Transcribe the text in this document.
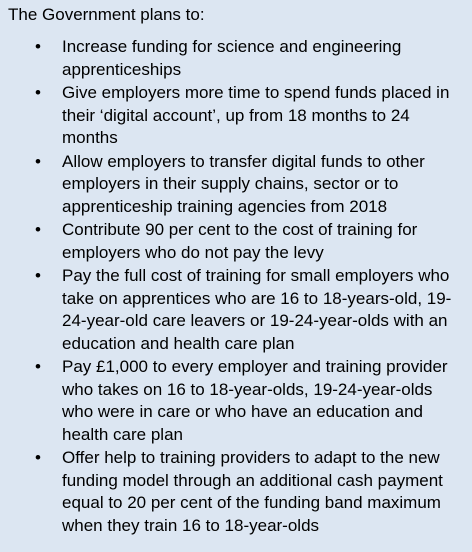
The Government plans to:

• Increase funding for science and engineering apprenticeships
• Give employers more time to spend funds placed in their ‘digital account’, up from 18 months to 24 months
• Allow employers to transfer digital funds to other employers in their supply chains, sector or to apprenticeship training agencies from 2018
• Contribute 90 per cent to the cost of training for employers who do not pay the levy
• Pay the full cost of training for small employers who take on apprentices who are 16 to 18-years-old, 19-24-year-old care leavers or 19-24-year-olds with an education and health care plan
• Pay £1,000 to every employer and training provider who takes on 16 to 18-year-olds, 19-24-year-olds who were in care or who have an education and health care plan
• Offer help to training providers to adapt to the new funding model through an additional cash payment equal to 20 per cent of the funding band maximum when they train 16 to 18-year-olds
